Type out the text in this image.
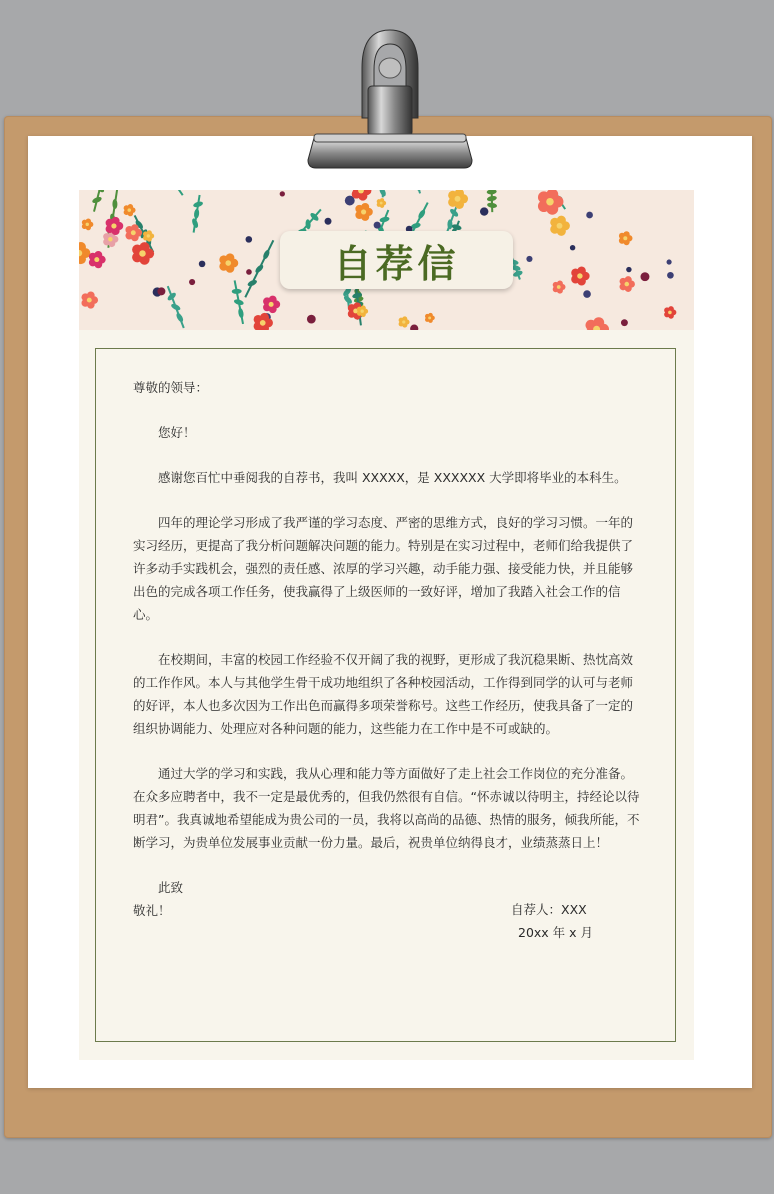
自荐信

尊敬的领导：

您好！

感谢您百忙中垂阅我的自荐书，我叫 XXXXX，是 XXXXXX 大学即将毕业的本科生。

四年的理论学习形成了我严谨的学习态度、严密的思维方式，良好的学习习惯。一年的实习经历，更提高了我分析问题解决问题的能力。特别是在实习过程中，老师们给我提供了许多动手实践机会，强烈的责任感、浓厚的学习兴趣，动手能力强、接受能力快，并且能够出色的完成各项工作任务，使我赢得了上级医师的一致好评，增加了我踏入社会工作的信心。

在校期间，丰富的校园工作经验不仅开阔了我的视野，更形成了我沉稳果断、热忱高效的工作作风。本人与其他学生骨干成功地组织了各种校园活动，工作得到同学的认可与老师的好评，本人也多次因为工作出色而赢得多项荣誉称号。这些工作经历，使我具备了一定的组织协调能力、处理应对各种问题的能力，这些能力在工作中是不可或缺的。

通过大学的学习和实践，我从心理和能力等方面做好了走上社会工作岗位的充分准备。在众多应聘者中，我不一定是最优秀的，但我仍然很有自信。“怀赤诚以待明主，持经论以待明君”。我真诚地希望能成为贵公司的一员，我将以高尚的品德、热情的服务，倾我所能，不断学习，为贵单位发展事业贡献一份力量。最后，祝贵单位纳得良才，业绩蒸蒸日上！

此致

敬礼！	自荐人：XXX
20xx 年 x 月
